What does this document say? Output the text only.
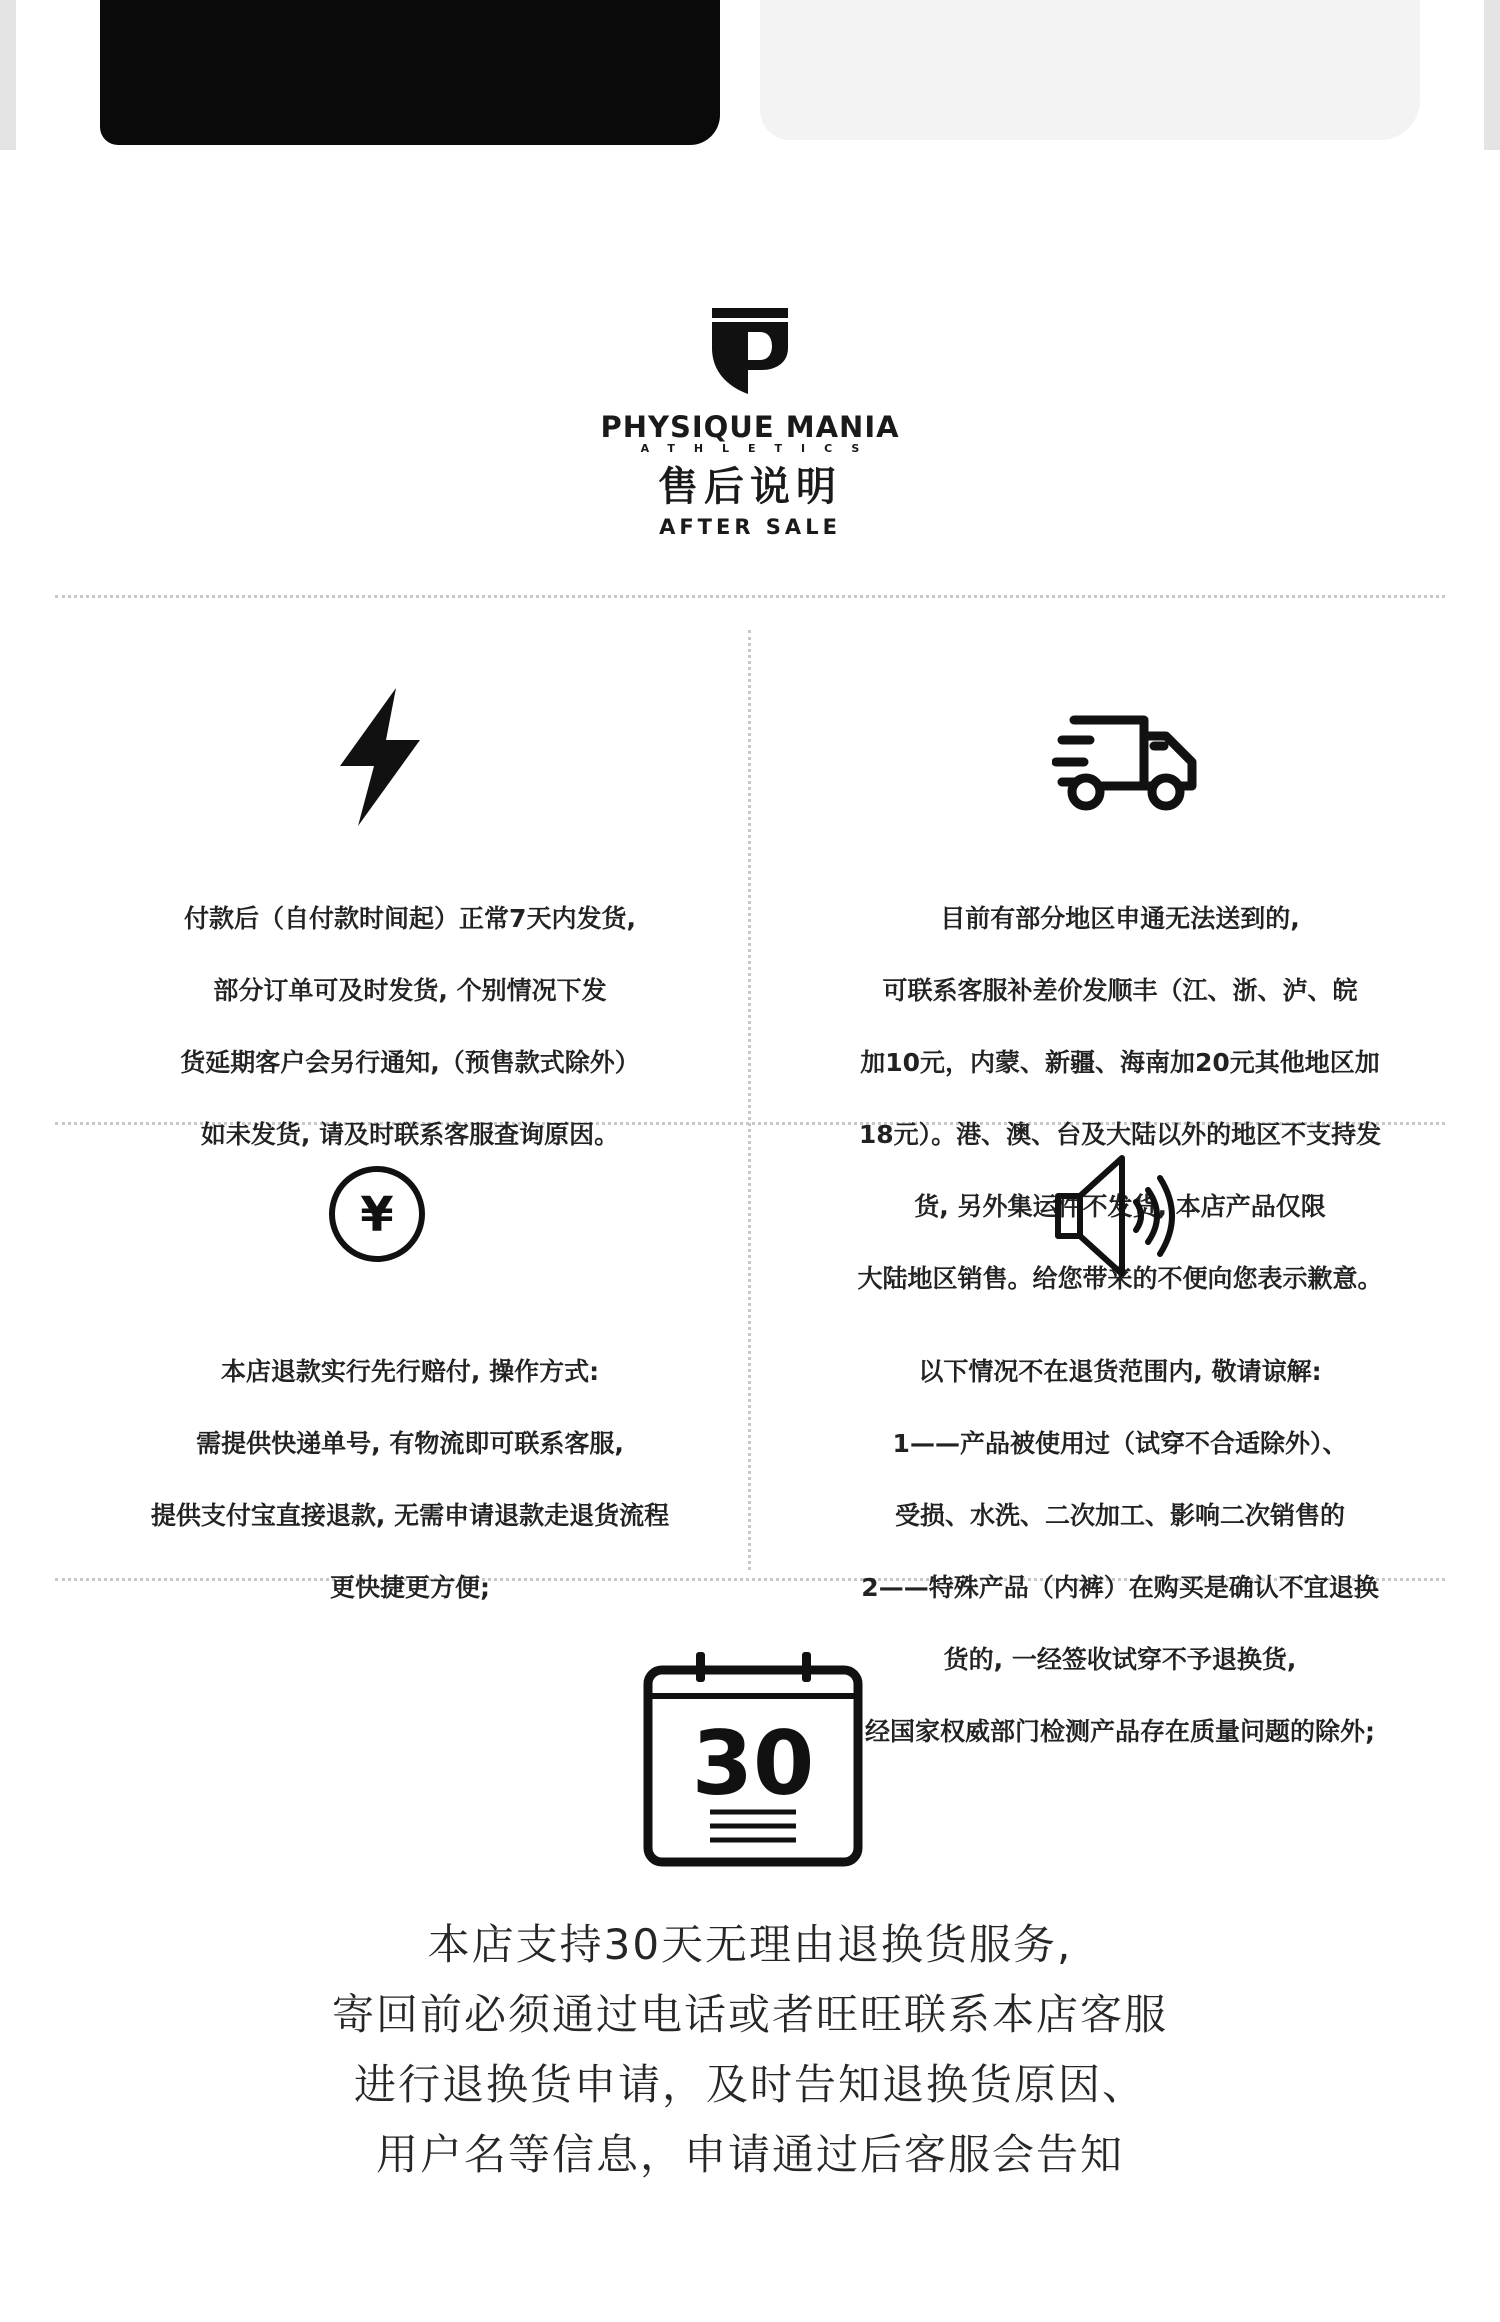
PHYSIQUE MANIA
ATHLETICS
售后说明
AFTER SALE

付款后（自付款时间起）正常7天内发货,

部分订单可及时发货, 个别情况下发

货延期客户会另行通知,（预售款式除外）

如未发货, 请及时联系客服查询原因。

目前有部分地区申通无法送到的,

可联系客服补差价发顺丰（江、浙、泸、皖

加10元，内蒙、新疆、海南加20元其他地区加

18元）。港、澳、台及大陆以外的地区不支持发

货, 另外集运件不发货, 本店产品仅限

大陆地区销售。给您带来的不便向您表示歉意。

¥

本店退款实行先行赔付, 操作方式:

需提供快递单号, 有物流即可联系客服,

提供支付宝直接退款, 无需申请退款走退货流程

更快捷更方便;

以下情况不在退货范围内, 敬请谅解:

1——产品被使用过（试穿不合适除外）、

受损、水洗、二次加工、影响二次销售的

2——特殊产品（内裤）在购买是确认不宜退换

货的, 一经签收试穿不予退换货,

经国家权威部门检测产品存在质量问题的除外;

30
本店支持30天无理由退换货服务,
寄回前必须通过电话或者旺旺联系本店客服
进行退换货申请，及时告知退换货原因、
用户名等信息，申请通过后客服会告知
